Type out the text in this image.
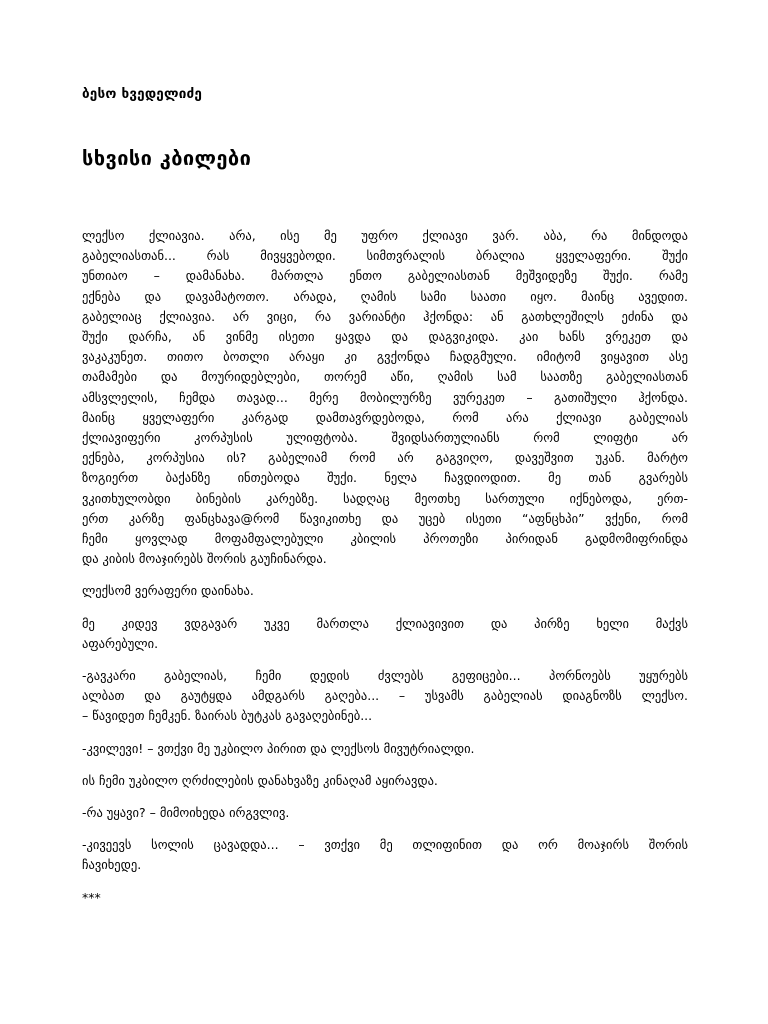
ბესო ხვედელიძე
სხვისი კბილები

ლექსო ქლიავია. არა, ისე მე უფრო ქლიავი ვარ. აბა, რა მინდოდა
გაბელიასთან... რას მივყვებოდი. სიმთვრალის ბრალია ყველაფერი. შუქი
უნთიაო – დამანახა. მართლა ენთო გაბელიასთან მეშვიდეზე შუქი. რამე
ექნება და დავამატოთო. არადა, ღამის სამი საათი იყო. მაინც ავედით.
გაბელიაც ქლიავია. არ ვიცი, რა ვარიანტი ჰქონდა: ან გათხლეშილს ეძინა და
შუქი დარჩა, ან ვინმე ისეთი ყავდა და დაგვიკიდა. კაი ხანს ვრეკეთ და
ვაკაკუნეთ. თითო ბოთლი არაყი კი გვქონდა ჩადგმული. იმიტომ ვიყავით ასე
თამამები და მოურიდებლები, თორემ აწი, ღამის სამ საათზე გაბელიასთან
ამსვლელის, ჩემდა თავად... მერე მობილურზე ვურეკეთ – გათიშული ჰქონდა.
მაინც ყველაფერი კარგად დამთავრდებოდა, რომ არა ქლიავი გაბელიას
ქლიავიფერი კორპუსის ულიფტობა. შვიდსართულიანს რომ ლიფტი არ
ექნება, კორპუსია ის? გაბელიამ რომ არ გაგვიღო, დავეშვით უკან. მარტო
ზოგიერთ ბაქანზე ინთებოდა შუქი. ნელა ჩავდიოდით. მე თან გვარებს
ვკითხულობდი ბინების კარებზე. სადღაც მეოთხე სართული იქნებოდა, ერთ-
ერთ კარზე ფანცხავა@რომ წავიკითხე და უცებ ისეთი “აფნცხპი” ვქენი, რომ
ჩემი ყოვლად მოფამფალებული კბილის პროთეზი პირიდან გადმომიფრინდა
და კიბის მოაჯირებს შორის გაუჩინარდა.

ლექსომ ვერაფერი დაინახა.

მე კიდევ ვდგავარ უკვე მართლა ქლიავივით და პირზე ხელი მაქვს
აფარებული.

-გავკარი გაბელიას, ჩემი დედის ძვლებს გეფიცები... პორნოებს უყურებს
ალბათ და გაუტყდა ამდგარს გაღება... – უსვამს გაბელიას დიაგნოზს ლექსო.
– წავიდეთ ჩემკენ. ზაირას ბუტკას გავაღებინებ...

-კვილევი! – ვთქვი მე უკბილო პირით და ლექსოს მივუტრიალდი.

ის ჩემი უკბილო ღრძილების დანახვაზე კინაღამ აყირავდა.

-რა უყავი? – მიმოიხედა ირგვლივ.

-კივეევს სოლის ცავადდა... – ვთქვი მე თლიფინით და ორ მოაჯირს შორის
ჩავიხედე.

***
